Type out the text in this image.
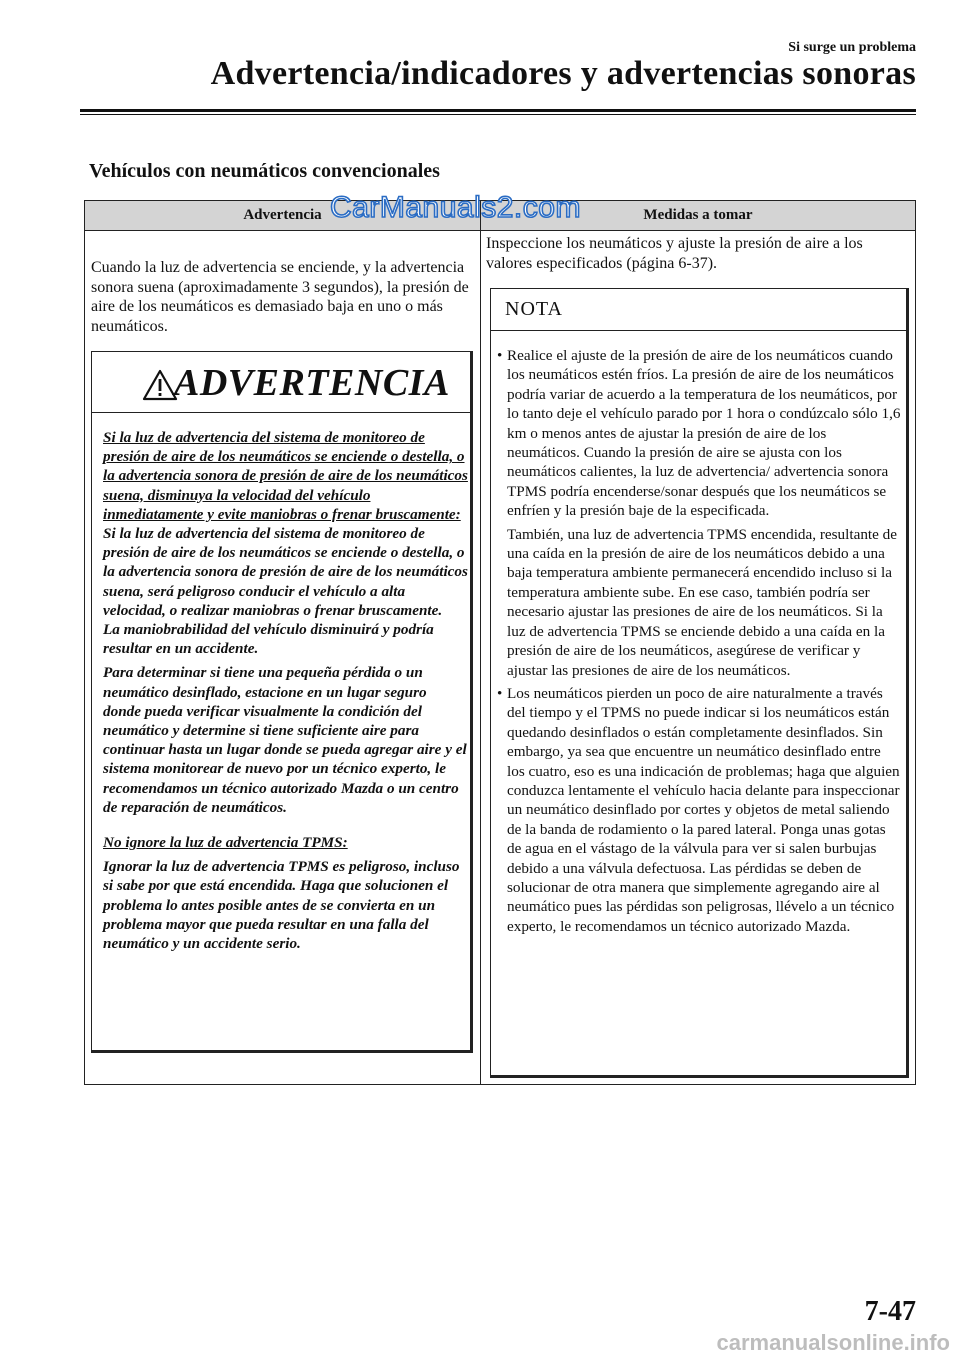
Si surge un problema
Advertencia/indicadores y advertencias sonoras
Vehículos con neumáticos convencionales
Advertencia	Medidas a tomar
CarManuals2.com
Cuando la luz de advertencia se enciende, y la advertencia sonora suena (aproximadamente 3 segundos), la presión de aire de los neumáticos es demasiado baja en uno o más neumáticos.
ADVERTENCIA

Si la luz de advertencia del sistema de monitoreo de presión de aire de los neumáticos se enciende o destella, o la advertencia sonora de presión de aire de los neumáticos suena, disminuya la velocidad del vehículo inmediatamente y evite maniobras o frenar bruscamente:

Si la luz de advertencia del sistema de monitoreo de presión de aire de los neumáticos se enciende o destella, o la advertencia sonora de presión de aire de los neumáticos suena, será peligroso conducir el vehículo a alta velocidad, o realizar maniobras o frenar bruscamente.

La maniobrabilidad del vehículo disminuirá y podría resultar en un accidente.

Para determinar si tiene una pequeña pérdida o un neumático desinflado, estacione en un lugar seguro donde pueda verificar visualmente la condición del neumático y determine si tiene suficiente aire para continuar hasta un lugar donde se pueda agregar aire y el sistema monitorear de nuevo por un técnico experto, le recomendamos un técnico autorizado Mazda o un centro de reparación de neumáticos.

No ignore la luz de advertencia TPMS:

Ignorar la luz de advertencia TPMS es peligroso, incluso si sabe por que está encendida. Haga que solucionen el problema lo antes posible antes de se convierta en un problema mayor que pueda resultar en una falla del neumático y un accidente serio.

Inspeccione los neumáticos y ajuste la presión de aire a los valores especificados (página 6-37).
NOTA
• Realice el ajuste de la presión de aire de los neumáticos cuando los neumáticos estén fríos. La presión de aire de los neumáticos podría variar de acuerdo a la temperatura de los neumáticos, por lo tanto deje el vehículo parado por 1 hora o condúzcalo sólo 1,6 km o menos antes de ajustar la presión de aire de los neumáticos. Cuando la presión de aire se ajusta con los neumáticos calientes, la luz de advertencia/ advertencia sonora TPMS podría encenderse/sonar después que los neumáticos se enfríen y la presión baje de la especificada.
También, una luz de advertencia TPMS encendida, resultante de una caída en la presión de aire de los neumáticos debido a una baja temperatura ambiente permanecerá encendido incluso si la temperatura ambiente sube. En ese caso, también podría ser necesario ajustar las presiones de aire de los neumáticos. Si la luz de advertencia TPMS se enciende debido a una caída en la presión de aire de los neumáticos, asegúrese de verificar y ajustar las presiones de aire de los neumáticos.
• Los neumáticos pierden un poco de aire naturalmente a través del tiempo y el TPMS no puede indicar si los neumáticos están quedando desinflados o están completamente desinflados. Sin embargo, ya sea que encuentre un neumático desinflado entre los cuatro, eso es una indicación de problemas; haga que alguien conduzca lentamente el vehículo hacia delante para inspeccionar un neumático desinflado por cortes y objetos de metal saliendo de la banda de rodamiento o la pared lateral. Ponga unas gotas de agua en el vástago de la válvula para ver si salen burbujas debido a una válvula defectuosa. Las pérdidas se deben de solucionar de otra manera que simplemente agregando aire al neumático pues las pérdidas son peligrosas, llévelo a un técnico experto, le recomendamos un técnico autorizado Mazda.
7-47
carmanualsonline.info
